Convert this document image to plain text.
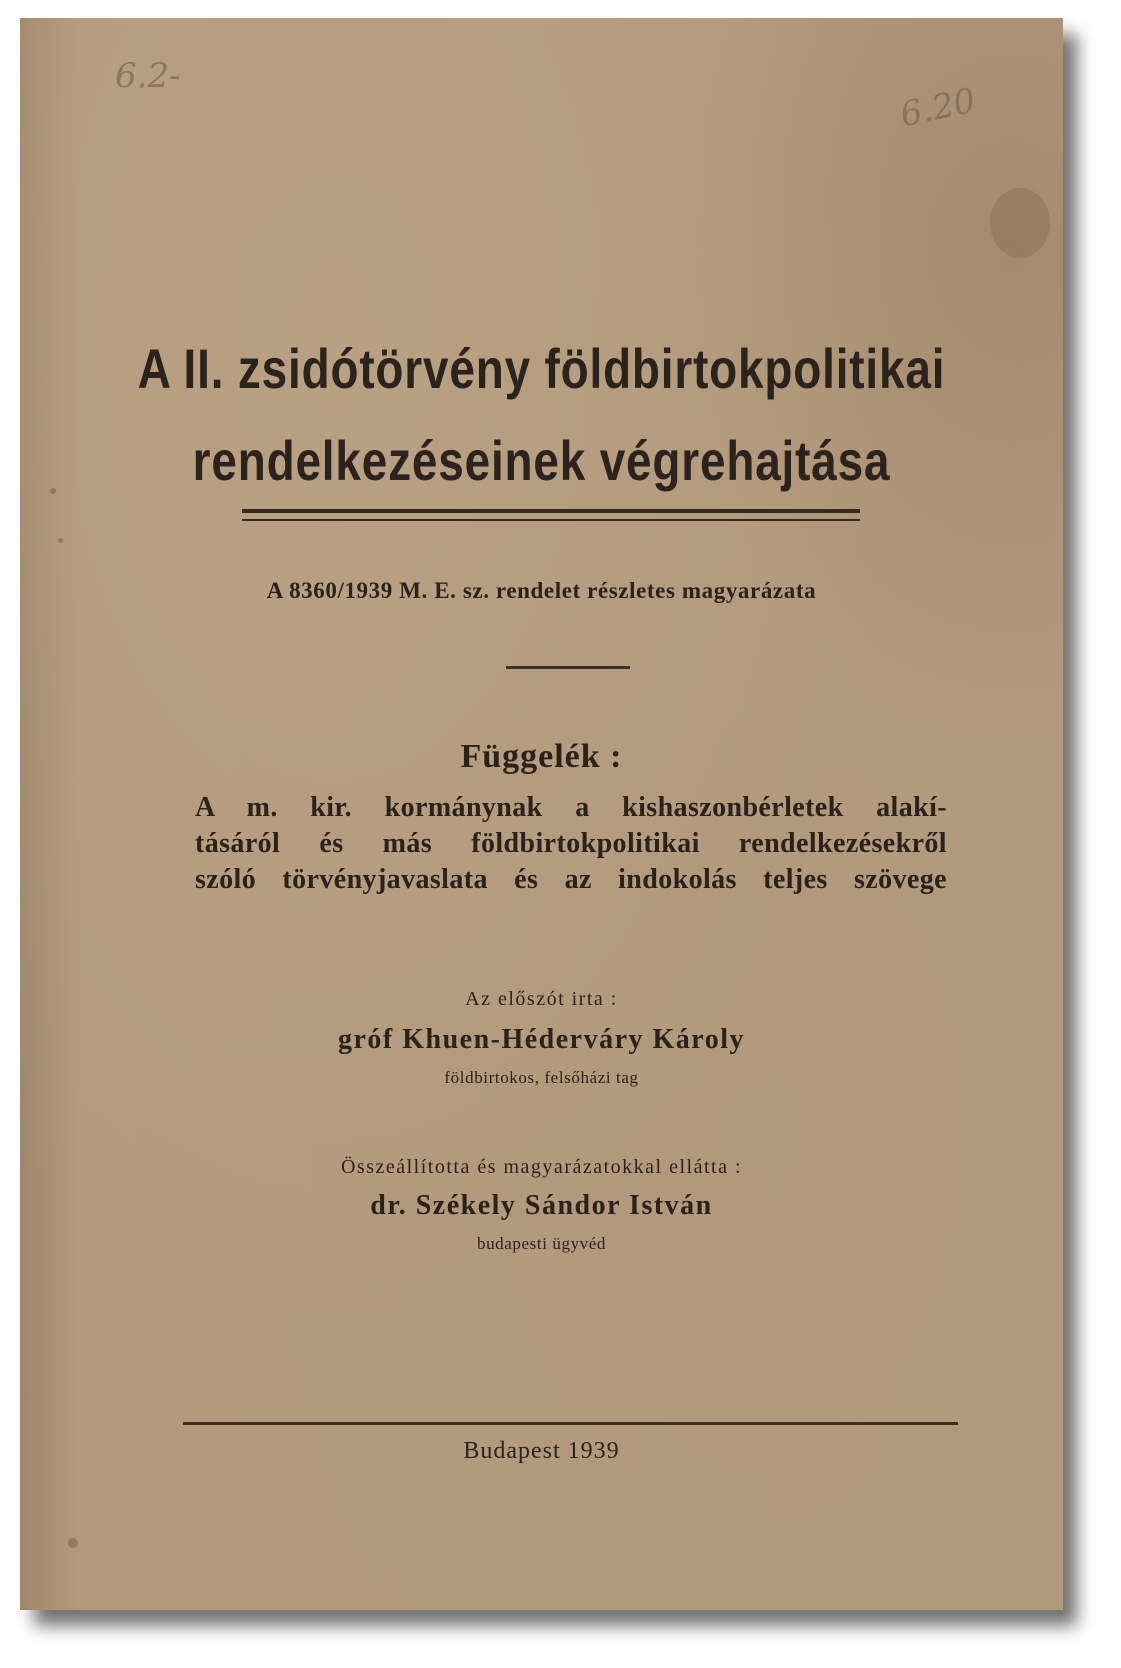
6.2-
6.20
A II. zsidótörvény földbirtokpolitikai
rendelkezéseinek végrehajtása
A 8360/1939 M. E. sz. rendelet részletes magyarázata
Függelék :
A m. kir. kormánynak a kishaszonbérletek alakí-
tásáról és más földbirtokpolitikai rendelkezésekről
szóló törvényjavaslata és az indokolás teljes szövege
Az előszót irta :
gróf Khuen-Héderváry Károly
földbirtokos, felsőházi tag
Összeállította és magyarázatokkal ellátta :
dr. Székely Sándor István
budapesti ügyvéd
Budapest 1939
